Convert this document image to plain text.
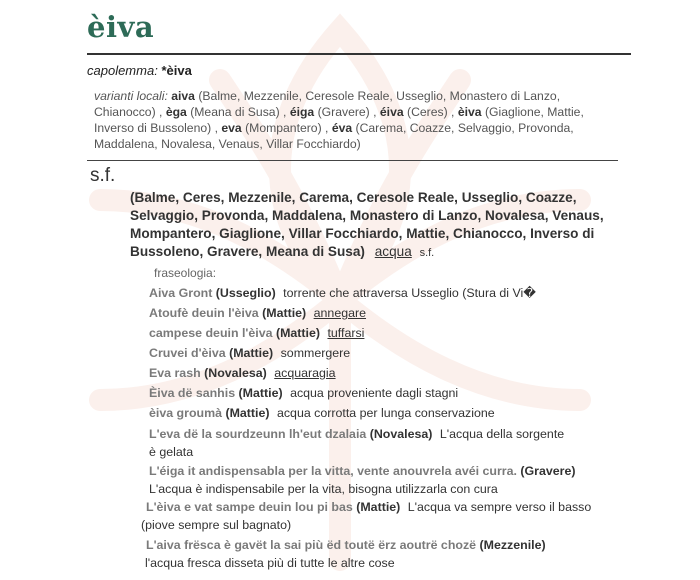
èiva
capolemma: *èiva
varianti locali: aiva (Balme, Mezzenile, Ceresole Reale, Usseglio, Monastero di Lanzo, Chianocco) , èga (Meana di Susa) , éiga (Gravere) , éiva (Ceres) , èiva (Giaglione, Mattie, Inverso di Bussoleno) , eva (Mompantero) , éva (Carema, Coazze, Selvaggio, Provonda, Maddalena, Novalesa, Venaus, Villar Focchiardo)
s.f.
(Balme, Ceres, Mezzenile, Carema, Ceresole Reale, Usseglio, Coazze, Selvaggio, Provonda, Maddalena, Monastero di Lanzo, Novalesa, Venaus, Mompantero, Giaglione, Villar Focchiardo, Mattie, Chianocco, Inverso di Bussoleno, Gravere, Meana di Susa) acqua s.f.
fraseologia:
Aiva Gront (Usseglio) torrente che attraversa Usseglio (Stura di Vi�
Atoufè deuin l'èiva (Mattie) annegare
campese deuin l'èiva (Mattie) tuffarsi
Cruvei d'èiva (Mattie) sommergere
Eva rash (Novalesa) acquaragia
Èiva dë sanhis (Mattie) acqua proveniente dagli stagni
èiva groumà (Mattie) acqua corrotta per lunga conservazione
L'eva dë la sourdzeunn lh'eut dzalaia (Novalesa) L'acqua della sorgente è gelata
L'éiga it andispensabla per la vitta, vente anouvrela avéi curra. (Gravere) L'acqua è indispensabile per la vita, bisogna utilizzarla con cura
L'èiva e vat sampe deuin lou pi bas (Mattie) L'acqua va sempre verso il basso (piove sempre sul bagnato)
L'aiva frësca è gavët la sai più ëd toutë ërz aoutrë chozë (Mezzenile) l'acqua fresca disseta più di tutte le altre cose
